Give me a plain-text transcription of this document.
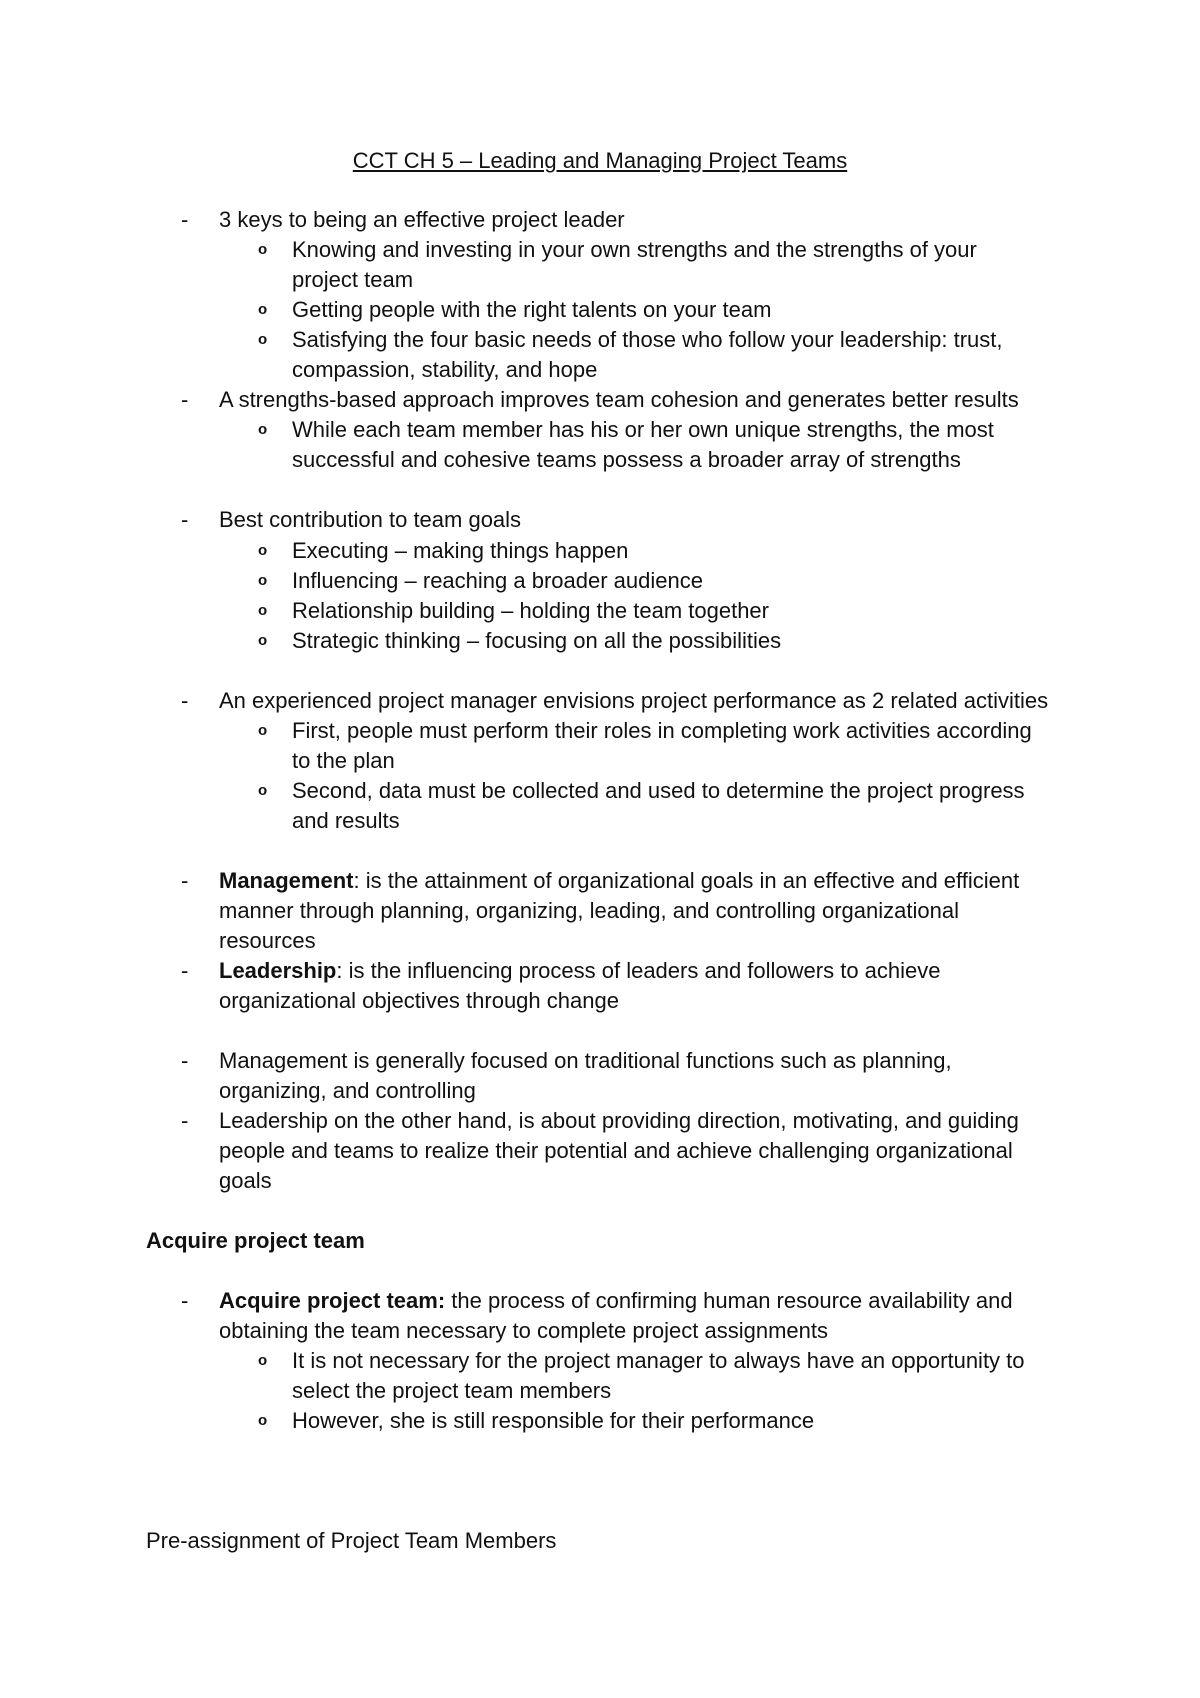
CCT CH 5 – Leading and Managing Project Teams
- 3 keys to being an effective project leader
o Knowing and investing in your own strengths and the strengths of your
project team
o Getting people with the right talents on your team
o Satisfying the four basic needs of those who follow your leadership: trust,
compassion, stability, and hope
- A strengths-based approach improves team cohesion and generates better results
o While each team member has his or her own unique strengths, the most
successful and cohesive teams possess a broader array of strengths
- Best contribution to team goals
o Executing – making things happen
o Influencing – reaching a broader audience
o Relationship building – holding the team together
o Strategic thinking – focusing on all the possibilities
- An experienced project manager envisions project performance as 2 related activities
o First, people must perform their roles in completing work activities according
to the plan
o Second, data must be collected and used to determine the project progress
and results
- Management: is the attainment of organizational goals in an effective and efficient
manner through planning, organizing, leading, and controlling organizational
resources
- Leadership: is the influencing process of leaders and followers to achieve
organizational objectives through change
- Management is generally focused on traditional functions such as planning,
organizing, and controlling
- Leadership on the other hand, is about providing direction, motivating, and guiding
people and teams to realize their potential and achieve challenging organizational
goals
Acquire project team
- Acquire project team: the process of confirming human resource availability and
obtaining the team necessary to complete project assignments
o It is not necessary for the project manager to always have an opportunity to
select the project team members
o However, she is still responsible for their performance
Pre-assignment of Project Team Members
